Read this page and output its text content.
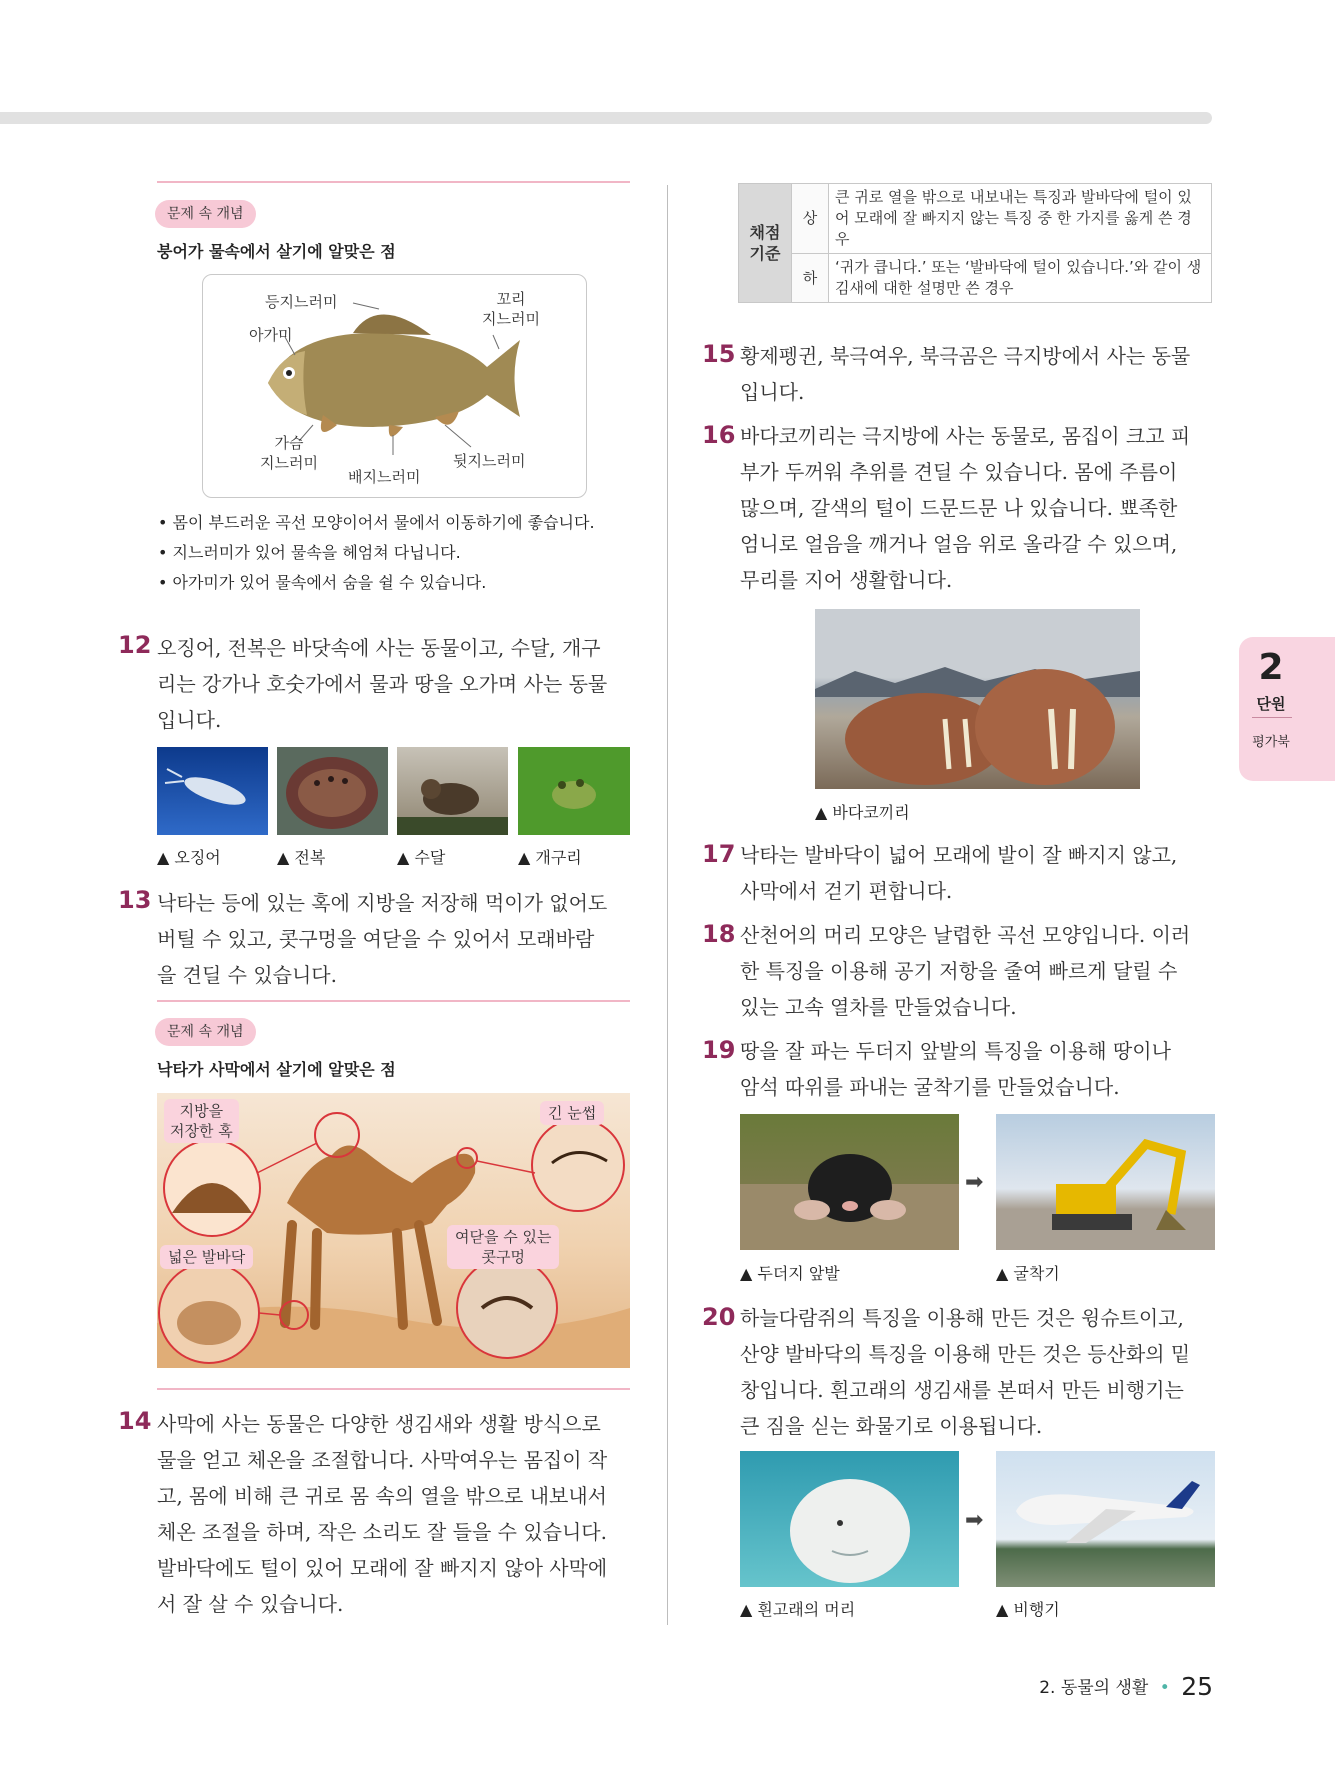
문제 속 개념
붕어가 물속에서 살기에 알맞은 점
등지느러미
아가미
꼬리
지느러미
가슴
지느러미
배지느러미
뒷지느러미
• 몸이 부드러운 곡선 모양이어서 물에서 이동하기에 좋습니다.
• 지느러미가 있어 물속을 헤엄쳐 다닙니다.
• 아가미가 있어 물속에서 숨을 쉴 수 있습니다.
12 오징어, 전복은 바닷속에 사는 동물이고, 수달, 개구
리는 강가나 호숫가에서 물과 땅을 오가며 사는 동물
입니다.
▲ 오징어	▲ 전복	▲ 수달	▲ 개구리
13 낙타는 등에 있는 혹에 지방을 저장해 먹이가 없어도
버틸 수 있고, 콧구멍을 여닫을 수 있어서 모래바람
을 견딜 수 있습니다.
문제 속 개념
낙타가 사막에서 살기에 알맞은 점
지방을
저장한 혹
긴 눈썹
넓은 발바닥
여닫을 수 있는
콧구멍
14 사막에 사는 동물은 다양한 생김새와 생활 방식으로
물을 얻고 체온을 조절합니다. 사막여우는 몸집이 작
고, 몸에 비해 큰 귀로 몸 속의 열을 밖으로 내보내서
체온 조절을 하며, 작은 소리도 잘 들을 수 있습니다.
발바닥에도 털이 있어 모래에 잘 빠지지 않아 사막에
서 잘 살 수 있습니다.
채점
기준	상	큰 귀로 열을 밖으로 내보내는 특징과 발바닥에 털이 있어 모래에 잘 빠지지 않는 특징 중 한 가지를 옳게 쓴 경우
	하	‘귀가 큽니다.’ 또는 ‘발바닥에 털이 있습니다.’와 같이 생김새에 대한 설명만 쓴 경우
15 황제펭귄, 북극여우, 북극곰은 극지방에서 사는 동물
입니다.
16 바다코끼리는 극지방에 사는 동물로, 몸집이 크고 피
부가 두꺼워 추위를 견딜 수 있습니다. 몸에 주름이
많으며, 갈색의 털이 드문드문 나 있습니다. 뾰족한
엄니로 얼음을 깨거나 얼음 위로 올라갈 수 있으며,
무리를 지어 생활합니다.
▲ 바다코끼리
17 낙타는 발바닥이 넓어 모래에 발이 잘 빠지지 않고,
사막에서 걷기 편합니다.
18 산천어의 머리 모양은 날렵한 곡선 모양입니다. 이러
한 특징을 이용해 공기 저항을 줄여 빠르게 달릴 수
있는 고속 열차를 만들었습니다.
19 땅을 잘 파는 두더지 앞발의 특징을 이용해 땅이나
암석 따위를 파내는 굴착기를 만들었습니다.
➡
▲ 두더지 앞발	▲ 굴착기
20 하늘다람쥐의 특징을 이용해 만든 것은 윙슈트이고,
산양 발바닥의 특징을 이용해 만든 것은 등산화의 밑
창입니다. 흰고래의 생김새를 본떠서 만든 비행기는
큰 짐을 싣는 화물기로 이용됩니다.
➡
▲ 흰고래의 머리	▲ 비행기
2
단원
평가북
2. 동물의 생활 • 25
